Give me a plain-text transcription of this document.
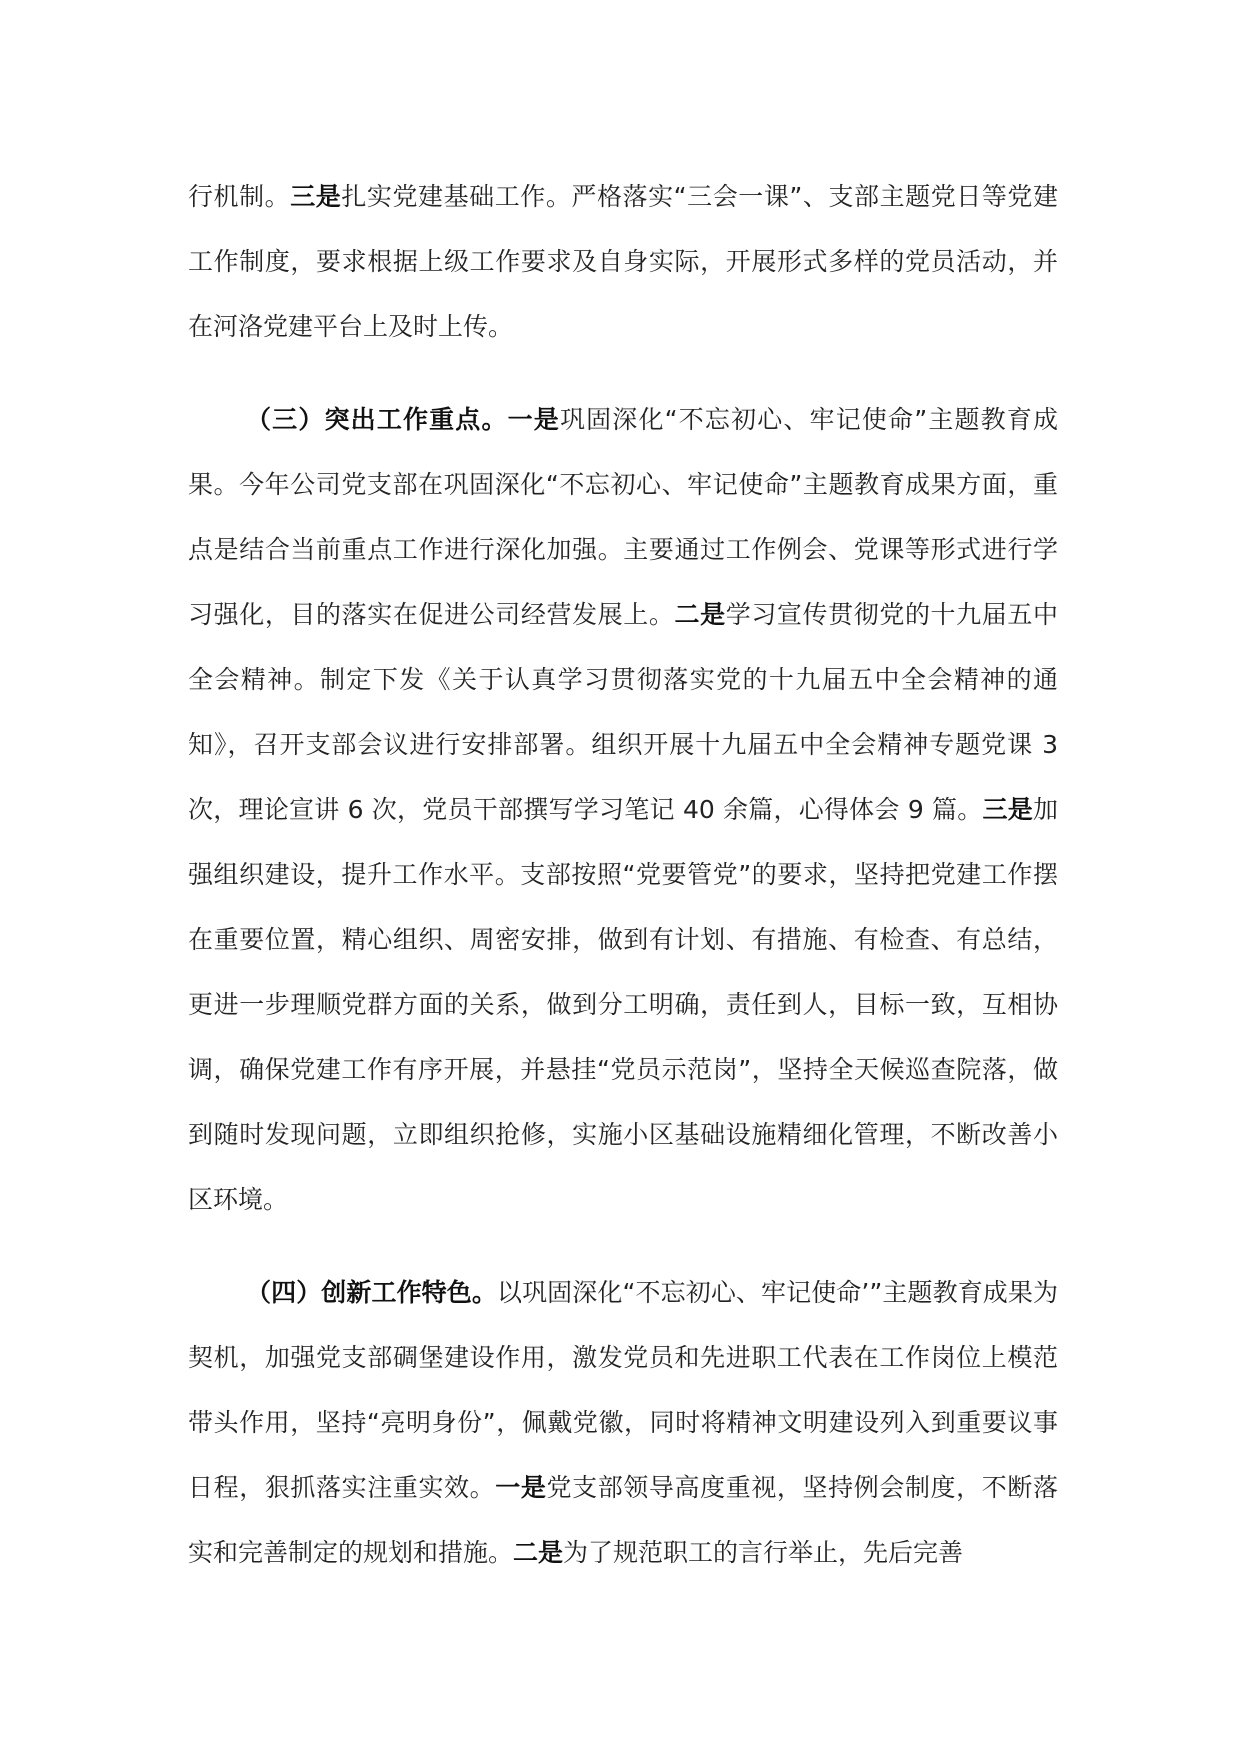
行机制。三是扎实党建基础工作。严格落实“三会一课”、支部主题党日等党建工作制度，要求根据上级工作要求及自身实际，开展形式多样的党员活动，并在河洛党建平台上及时上传。

（三）突出工作重点。一是巩固深化“不忘初心、牢记使命”主题教育成果。今年公司党支部在巩固深化“不忘初心、牢记使命”主题教育成果方面，重点是结合当前重点工作进行深化加强。主要通过工作例会、党课等形式进行学习强化，目的落实在促进公司经营发展上。二是学习宣传贯彻党的十九届五中全会精神。制定下发《关于认真学习贯彻落实党的十九届五中全会精神的通知》，召开支部会议进行安排部署。组织开展十九届五中全会精神专题党课 3 次，理论宣讲 6 次，党员干部撰写学习笔记 40 余篇，心得体会 9 篇。三是加强组织建设，提升工作水平。支部按照“党要管党”的要求，坚持把党建工作摆在重要位置，精心组织、周密安排，做到有计划、有措施、有检查、有总结，更进一步理顺党群方面的关系，做到分工明确，责任到人，目标一致，互相协调，确保党建工作有序开展，并悬挂“党员示范岗”，坚持全天候巡查院落，做到随时发现问题，立即组织抢修，实施小区基础设施精细化管理，不断改善小区环境。

（四）创新工作特色。以巩固深化“不忘初心、牢记使命’”主题教育成果为契机，加强党支部碉堡建设作用，激发党员和先进职工代表在工作岗位上模范带头作用，坚持“亮明身份”，佩戴党徽，同时将精神文明建设列入到重要议事日程，狠抓落实注重实效。一是党支部领导高度重视，坚持例会制度，不断落实和完善制定的规划和措施。二是为了规范职工的言行举止，先后完善
